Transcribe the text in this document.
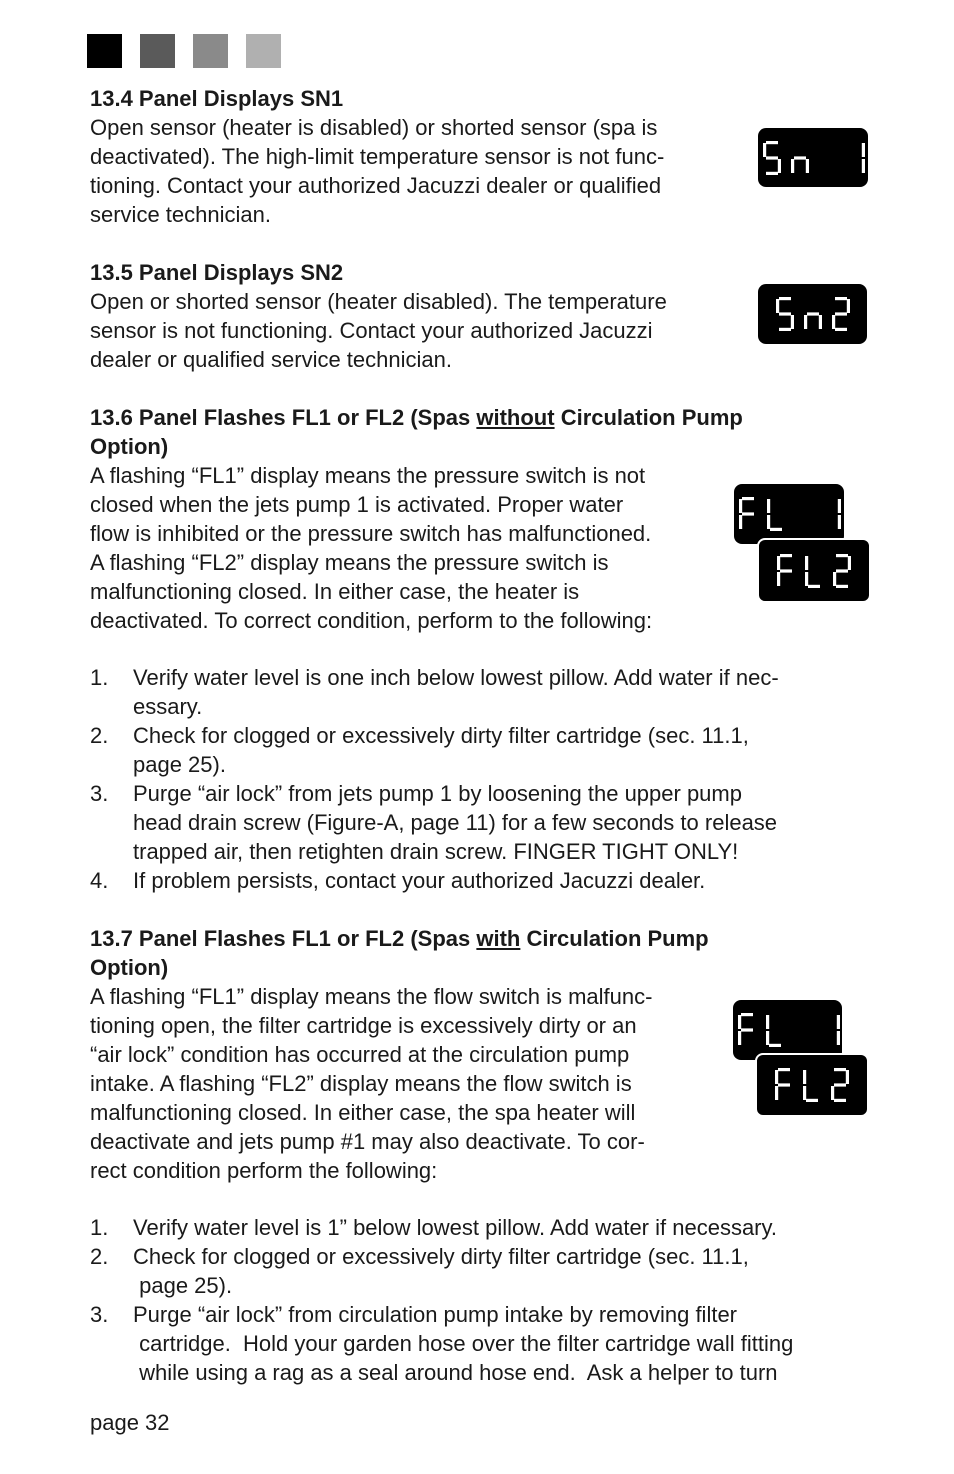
13.4 Panel Displays SN1
Open sensor (heater is disabled) or shorted sensor (spa is
deactivated). The high-limit temperature sensor is not func-
tioning. Contact your authorized Jacuzzi dealer or qualified
service technician.
13.5 Panel Displays SN2
Open or shorted sensor (heater disabled). The temperature
sensor is not functioning. Contact your authorized Jacuzzi
dealer or qualified service technician.
13.6 Panel Flashes FL1 or FL2 (Spas without Circulation Pump
Option)
A flashing “FL1” display means the pressure switch is not
closed when the jets pump 1 is activated. Proper water
flow is inhibited or the pressure switch has malfunctioned.
A flashing “FL2” display means the pressure switch is
malfunctioning closed. In either case, the heater is
deactivated. To correct condition, perform to the following:
1.	Verify water level is one inch below lowest pillow. Add water if nec-
essary.
2.	Check for clogged or excessively dirty filter cartridge (sec. 11.1,
page 25).
3.	Purge “air lock” from jets pump 1 by loosening the upper pump
head drain screw (Figure-A, page 11) for a few seconds to release
trapped air, then retighten drain screw. FINGER TIGHT ONLY!
4.	If problem persists, contact your authorized Jacuzzi dealer.
13.7 Panel Flashes FL1 or FL2 (Spas with Circulation Pump
Option)
A flashing “FL1” display means the flow switch is malfunc-
tioning open, the filter cartridge is excessively dirty or an
“air lock” condition has occurred at the circulation pump
intake. A flashing “FL2” display means the flow switch is
malfunctioning closed. In either case, the spa heater will
deactivate and jets pump #1 may also deactivate. To cor-
rect condition perform the following:
1.	Verify water level is 1” below lowest pillow. Add water if necessary.
2.	Check for clogged or excessively dirty filter cartridge (sec. 11.1,
page 25).
3.	Purge “air lock” from circulation pump intake by removing filter
cartridge.  Hold your garden hose over the filter cartridge wall fitting
while using a rag as a seal around hose end.  Ask a helper to turn
page 32
